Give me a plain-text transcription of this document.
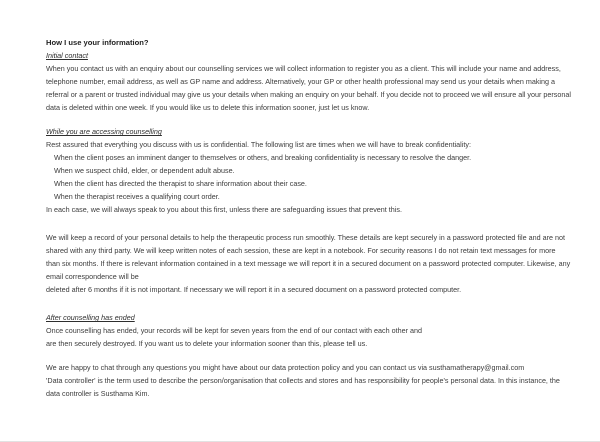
How I use your information?
Initial contact
When you contact us with an enquiry about our counselling services we will collect information to register you as a client. This will include your name and address,
telephone number, email address, as well as GP name and address. Alternatively, your GP or other health professional may send us your details when making a
referral or a parent or trusted individual may give us your details when making an enquiry on your behalf. If you decide not to proceed we will ensure all your personal
data is deleted within one week. If you would like us to delete this information sooner, just let us know.
While you are accessing counselling
Rest assured that everything you discuss with us is confidential. The following list are times when we will have to break confidentiality:
When the client poses an imminent danger to themselves or others, and breaking confidentiality is necessary to resolve the danger.
When we suspect child, elder, or dependent adult abuse.
When the client has directed the therapist to share information about their case.
When the therapist receives a qualifying court order.
In each case, we will always speak to you about this first, unless there are safeguarding issues that prevent this.
We will keep a record of your personal details to help the therapeutic process run smoothly. These details are kept securely in a password protected file and are not
shared with any third party. We will keep written notes of each session, these are kept in a notebook. For security reasons I do not retain text messages for more
than six months. If there is relevant information contained in a text message we will report it in a secured document on a password protected computer. Likewise, any
email correspondence will be
deleted after 6 months if it is not important. If necessary we will report it in a secured document on a password protected computer.
After counselling has ended
Once counselling has ended, your records will be kept for seven years from the end of our contact with each other and
are then securely destroyed. If you want us to delete your information sooner than this, please tell us.
We are happy to chat through any questions you might have about our data protection policy and you can contact us via susthamatherapy@gmail.com
'Data controller' is the term used to describe the person/organisation that collects and stores and has responsibility for people's personal data. In this instance, the
data controller is Susthama Kim.
